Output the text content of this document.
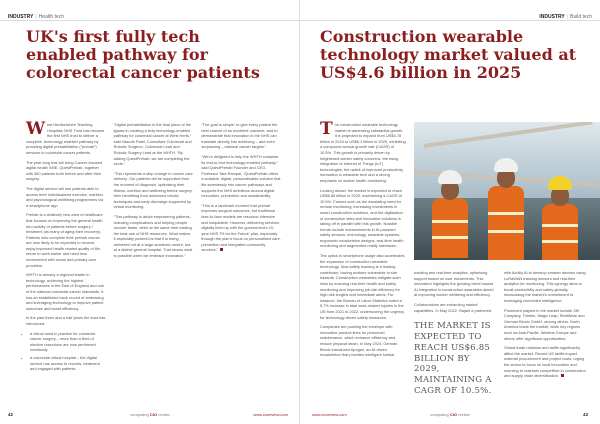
INDUSTRY | Health tech
UK's first fully tech enabled pathway for colorectal cancer patients

West Hertfordshire Teaching Hospitals NHS Trust has become the first NHS trust to deliver a complete, technology enabled pathway by providing digital prehabilitation (“prehab”) services to colorectal cancer patients.

The year-long trial will bring Cancer-focused digital health SME, QuestPrehab, together with 300 patients both before and after their surgery.

The digital service will see patients able to access their individualised exercise, nutrition and psychological wellbeing programmes via a smartphone app.

Prehab is a relatively new area of healthcare that focuses on improving the general health and activity of patients before surgery / treatment (as many of aging their recovery). Patients who complete their prehab course are now likely to be expected to recover, enjoy improved health related quality of life, return to work earlier and need less involvement with social and primary care providers.

WHTH is already a regional leader in technology, achieving the highest performances in the East of England and one of the national colorectal cancer standards. It has an established track record of embracing and leveraging technology to improve patient outcomes and boost efficiency.

In the past three and a half years the trust has introduced:

• a virtual ward in practice for colorectal cancer surgery – more than a third of elective resections are now performed robotically
• a colorectal virtual hospital – the digital service has access to records, treatment and engaged with patients

“Digital prehabilitation in the final piece of the jigsaw in creating a truly technology-enabled pathway for colorectal cancer at West Herts,” said Vasudh Patel, Consultant Colorectal and Robotic Surgeon, Colorectal Lead and Robotic Surgery Lead at the WHTH. “By adding QuestPrehab, we are completing the circle.”

“This represents a step change in cancer care delivery. Our patients will be supported from the moment of diagnosis, optimising their fitness, nutrition and wellbeing before surgery, then benefiting from advanced robotic techniques and early discharge supported by virtual monitoring.

“This pathway is about empowering patients, reducing complications and helping people recover faster, while at the same time making the best use of NHS resources. What makes it especially powerful is that it is being delivered not at a large academic centre, but at a district general hospital. That shows what is possible when we embrace innovation.”

“The goal is simple: to give every patient the best chance of an excellent outcome, and to demonstrate that innovation in the NHS can translate directly into achieving – and even surpassing – national cancer targets.”

“We’re delighted to help the WHTH complete its end-to-end technology-enabled pathway,” said QuestPrehab Founder and CEO, Professor Tara Rampal. “QuestPrehab offers a scalable, digital, personalisable solution that fits seamlessly into cancer pathways and supports the NHS ambitions around digital innovation, prevention and sustainability.

“This is a landmark moment that prehab improves surgical outcomes, but traditional face-to-face models are resource-intensive and inequitable. However, delivering services digitally lines up with the government’s 10-year NHS ‘Fit for the Future’ plan, especially through the plan’s focus on personalised care, prevention and integrated community services.”

42	computing CIO review	www.cioreview.com
INDUSTRY | Build tech
Construction wearable technology market valued at US$4.6 billion in 2025

The construction wearable technology market is witnessing substantial growth. It is projected to expand from US$4.78 billion in 2024 to US$6.1 billion in 2025, exhibiting a compound annual growth rate (CAGR) of 10.5%. This growth is primarily driven by heightened worker safety concerns, the rising integration of Internet of Things (IoT) technologies, the uptick of improved productivity, innovation in wearable tech and a strong emphasis on worker health monitoring.

Looking ahead, the market is expected to reach US$6.85 billion in 2029, maintaining a CAGR of 10.5%. Factors such as the escalating need for remote monitoring, increasing investments in smart construction solutions, and the digitisation of construction sites and innovative solutions is taking off in parallel with this growth. Notable trends include advancements in AI-powered safety sensors, technology, wearable systems, ergonomic exoskeleton designs, real-time health monitoring and augmented reality interfaces.

The uptick in smartphone usage also accelerates the expansion of construction wearable technology. Now safety tracking is a leading contributor, having workers vulnerable to site hazards. Construction wearables mitigate such risks by ensuring real-time health and safety monitoring and improving job site efficiency for high-risk lengths and immediate alerts. For instance, the Bureau of Labor Statistics noted a 5.7% increase in fatal work-related injuries in the US from 2021 to 2022, underscoring the urgency for technology-driven safety measures.

Companies are pushing the envelope with innovative product lines for personnel maintenance, which enhance efficiency and reduce physical strain. In May 2024, German Bionic introduced Apogee, an AI-driven exoskeleton that provides intelligent lumbar

tracking and real-time analytics, optimising support based on user movements. This innovation highlights the growing trend toward AI integration in construction wearables aimed at improving worker wellbeing and efficiency.

Collaborations are enhancing market capabilities. In May 2022, Rajant a partnered

THE MARKET IS EXPECTED TO REACH US$6.85 BILLION BY 2029, MAINTAINING A CAGR OF 10.5%.

with Achilly AI to develop smarter devices using LoRaWAN tracking sensors and real-time analytics for monitoring. This synergy aims to boost productivity and safety globally, showcasing the market’s commitment to leveraging connected intelligence.

Prominent players in the market include 3M Company, Trimble, Magic Leap, RealWear and German Bionic GmbH, among others. North America leads the market, while key regions such as Asia-Pacific, Western Europe and others offer significant opportunities.

Global trade relations and tariffs significantly affect the market. Recent US tariffs impact material procurement and project costs, urging the sector to focus on local innovation and sourcing to maintain competitive in construction and supply chain diversification.

www.cioreview.com	computing CIO review	43
